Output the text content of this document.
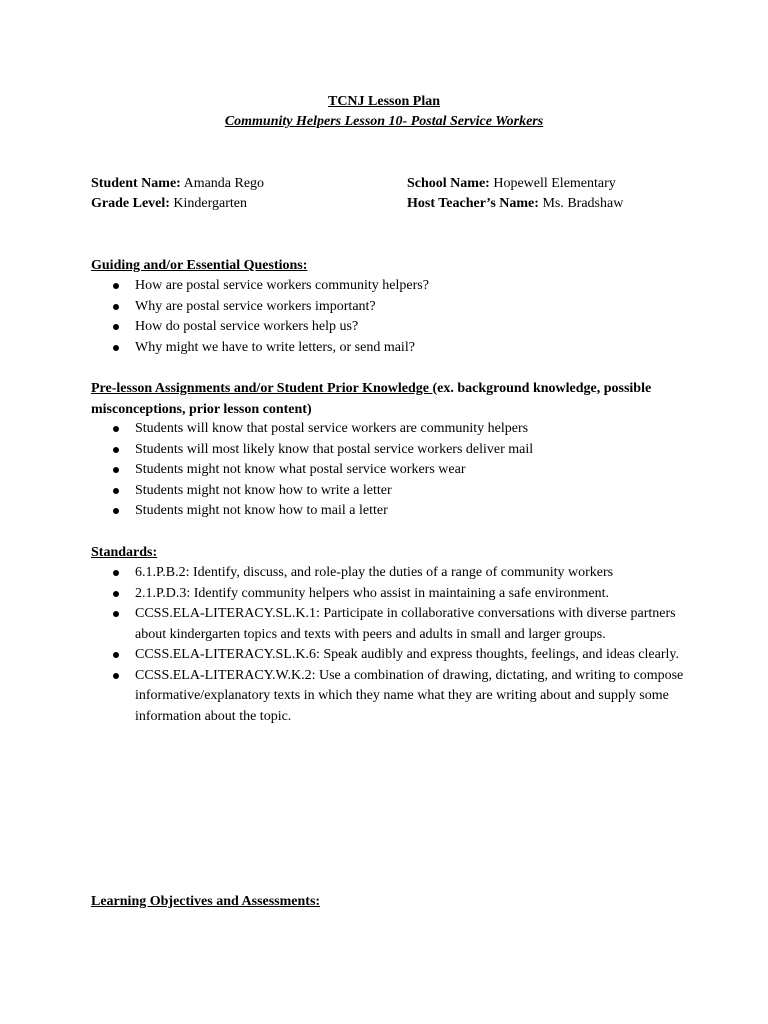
TCNJ Lesson Plan
Community Helpers Lesson 10- Postal Service Workers
Student Name: Amanda Rego
Grade Level: Kindergarten
School Name: Hopewell Elementary
Host Teacher’s Name: Ms. Bradshaw
Guiding and/or Essential Questions:
How are postal service workers community helpers?
Why are postal service workers important?
How do postal service workers help us?
Why might we have to write letters, or send mail?
Pre-lesson Assignments and/or Student Prior Knowledge (ex. background knowledge, possible misconceptions, prior lesson content)
Students will know that postal service workers are community helpers
Students will most likely know that postal service workers deliver mail
Students might not know what postal service workers wear
Students might not know how to write a letter
Students might not know how to mail a letter
Standards:
6.1.P.B.2: Identify, discuss, and role-play the duties of a range of community workers
2.1.P.D.3: Identify community helpers who assist in maintaining a safe environment.
CCSS.ELA-LITERACY.SL.K.1: Participate in collaborative conversations with diverse partners about kindergarten topics and texts with peers and adults in small and larger groups.
CCSS.ELA-LITERACY.SL.K.6: Speak audibly and express thoughts, feelings, and ideas clearly.
CCSS.ELA-LITERACY.W.K.2: Use a combination of drawing, dictating, and writing to compose informative/explanatory texts in which they name what they are writing about and supply some information about the topic.
Learning Objectives and Assessments:
